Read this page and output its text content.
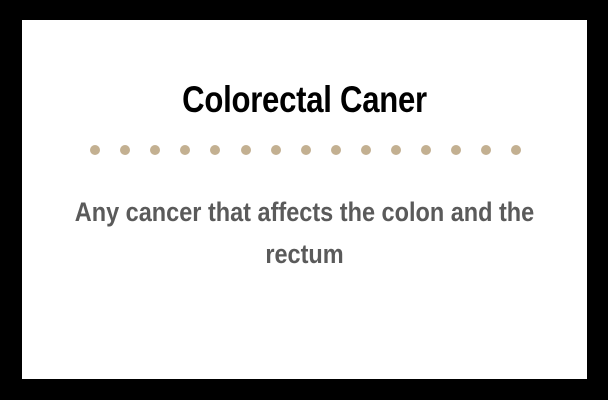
Colorectal Caner
Any cancer that affects the colon and the rectum
